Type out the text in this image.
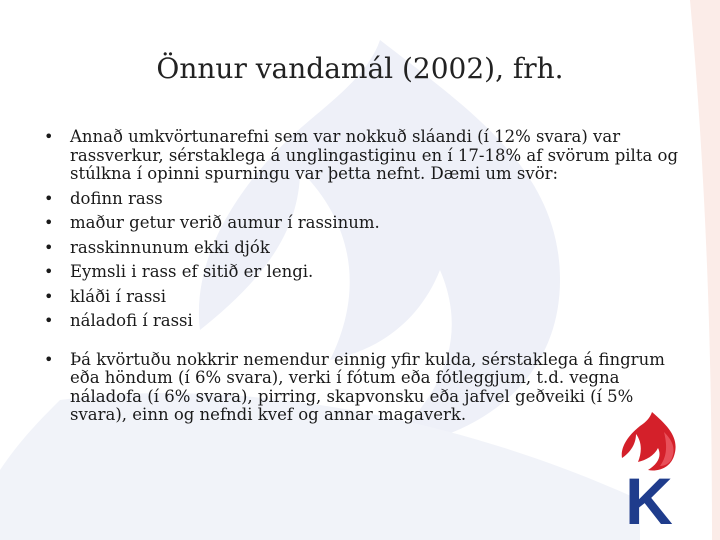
Önnur vandamál (2002), frh.
• Annað umkvörtunarefni sem var nokkuð sláandi (í 12% svara) var rassverkur, sérstaklega á unglingastiginu en í 17-18% af svörum pilta og stúlkna í opinni spurningu var þetta nefnt. Dæmi um svör:
• dofinn rass
• maður getur verið aumur í rassinum.
• rasskinnunum ekki djók
• Eymsli i rass ef sitið er lengi.
• kláði í rassi
• náladofi í rassi
• Þá kvörtuðu nokkrir nemendur einnig yfir kulda, sérstaklega á fingrum eða höndum (í 6% svara), verki í fótum eða fótleggjum, t.d. vegna náladofa (í 6% svara), pirring, skapvonsku eða jafvel geðveiki (í 5% svara), einn og nefndi kvef og annar magaverk.
K
